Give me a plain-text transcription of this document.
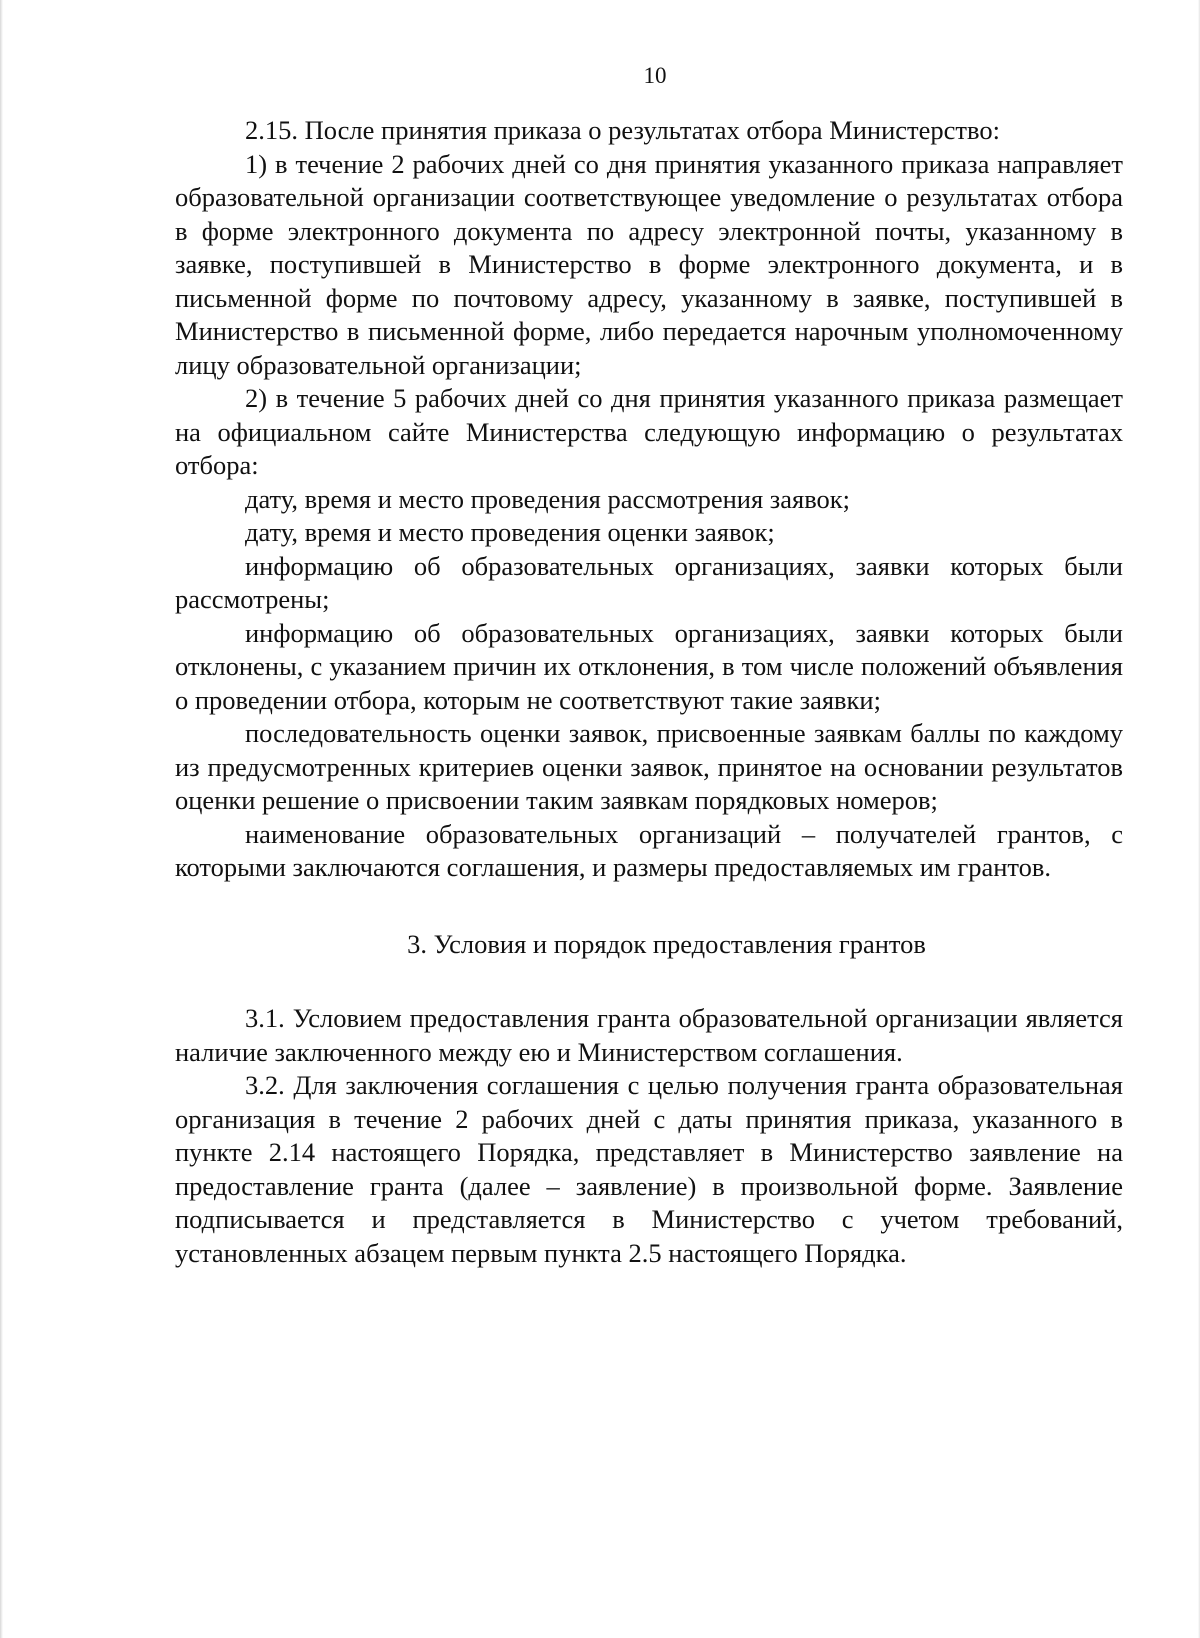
10

2.15. После принятия приказа о результатах отбора Министерство:

1) в течение 2 рабочих дней со дня принятия указанного приказа направляет образовательной организации соответствующее уведомление о результатах отбора в форме электронного документа по адресу электронной почты, указанному в заявке, поступившей в Министерство в форме электронного документа, и в письменной форме по почтовому адресу, указанному в заявке, поступившей в Министерство в письменной форме, либо передается нарочным уполномоченному лицу образовательной организации;

2) в течение 5 рабочих дней со дня принятия указанного приказа размещает на официальном сайте Министерства следующую информацию о результатах отбора:

дату, время и место проведения рассмотрения заявок;

дату, время и место проведения оценки заявок;

информацию об образовательных организациях, заявки которых были рассмотрены;

информацию об образовательных организациях, заявки которых были отклонены, с указанием причин их отклонения, в том числе положений объявления о проведении отбора, которым не соответствуют такие заявки;

последовательность оценки заявок, присвоенные заявкам баллы по каждому из предусмотренных критериев оценки заявок, принятое на основании результатов оценки решение о присвоении таким заявкам порядковых номеров;

наименование образовательных организаций – получателей грантов, с которыми заключаются соглашения, и размеры предоставляемых им грантов.

3. Условия и порядок предоставления грантов

3.1. Условием предоставления гранта образовательной организации является наличие заключенного между ею и Министерством соглашения.

3.2. Для заключения соглашения с целью получения гранта образовательная организация в течение 2 рабочих дней с даты принятия приказа, указанного в пункте 2.14 настоящего Порядка, представляет в Министерство заявление на предоставление гранта (далее – заявление) в произвольной форме. Заявление подписывается и представляется в Министерство с учетом требований, установленных абзацем первым пункта 2.5 настоящего Порядка.
